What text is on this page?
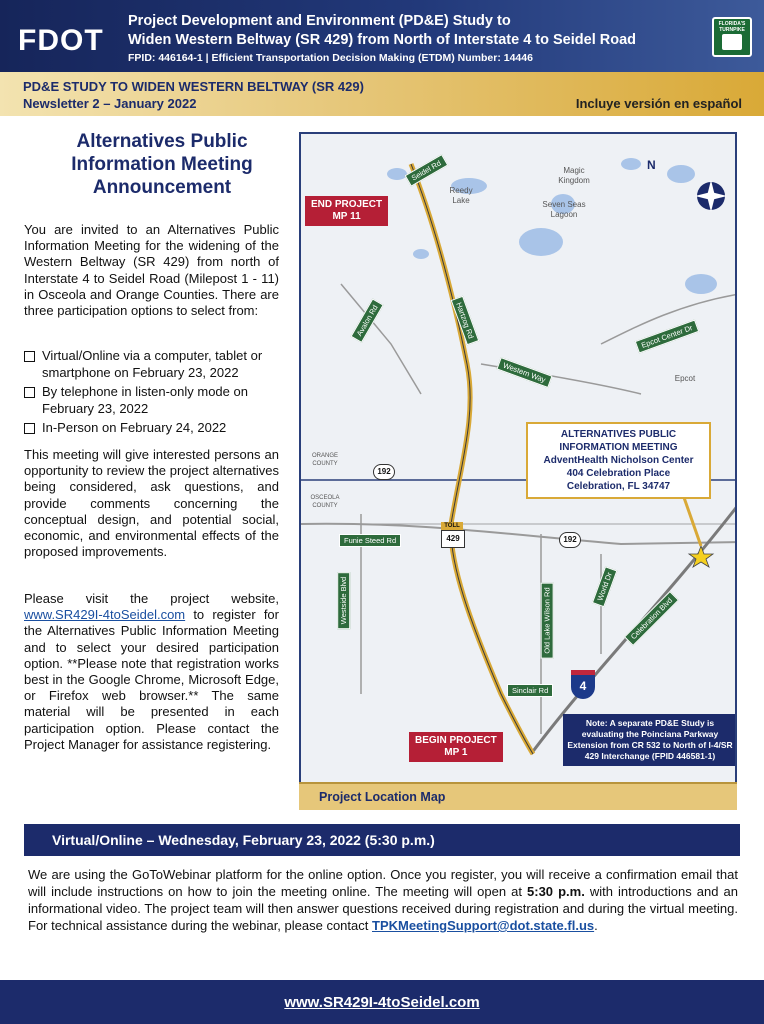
FDOT
Project Development and Environment (PD&E) Study to
Widen Western Beltway (SR 429) from North of Interstate 4 to Seidel Road
FPID: 446164-1 | Efficient Transportation Decision Making (ETDM) Number: 14446
FLORIDA'S TURNPIKE
PD&E STUDY TO WIDEN WESTERN BELTWAY (SR 429)
Newsletter 2 – January 2022	Incluye versión en español
Alternatives Public Information Meeting Announcement
You are invited to an Alternatives Public Information Meeting for the widening of the Western Beltway (SR 429) from north of Interstate 4 to Seidel Road (Milepost 1 - 11) in Osceola and Orange Counties. There are three participation options to select from:
Virtual/Online via a computer, tablet or smartphone on February 23, 2022
By telephone in listen-only mode on February 23, 2022
In-Person on February 24, 2022
This meeting will give interested persons an opportunity to review the project alternatives being considered, ask questions, and provide comments concerning the conceptual design, and potential social, economic, and environmental effects of the proposed improvements.
Please visit the project website, www.SR429I-4toSeidel.com to register for the Alternatives Public Information Meeting and to select your desired participation option. **Please note that registration works best in the Google Chrome, Microsoft Edge, or Firefox web browser.** The same material will be presented in each participation option. Please contact the Project Manager for assistance registering.
N
Magic Kingdom
Reedy Lake	Seven Seas Lagoon
Epcot
ORANGE COUNTY
OSCEOLA COUNTY
Seidel Rd
Avalon Rd	Hartzog Rd
Western Way
Epcot Center Dr
Funie Steed Rd
Westside Blvd	Old Lake Wilson Rd
World Dr
Celebration Blvd
Sinclair Rd
192
192
TOLL
429
4
END PROJECT
MP 11
BEGIN PROJECT
MP 1
ALTERNATIVES PUBLIC
INFORMATION MEETING
AdventHealth Nicholson Center
404 Celebration Place
Celebration, FL 34747
Note: A separate PD&E Study is evaluating the Poinciana Parkway Extension from CR 532 to North of I-4/SR 429 Interchange (FPID 446581-1)
Project Location Map
Virtual/Online – Wednesday, February 23, 2022 (5:30 p.m.)
We are using the GoToWebinar platform for the online option. Once you register, you will receive a confirmation email that will include instructions on how to join the meeting online. The meeting will open at 5:30 p.m. with introductions and an informational video. The project team will then answer questions received during registration and during the virtual meeting. For technical assistance during the webinar, please contact TPKMeetingSupport@dot.state.fl.us.
www.SR429I-4toSeidel.com
